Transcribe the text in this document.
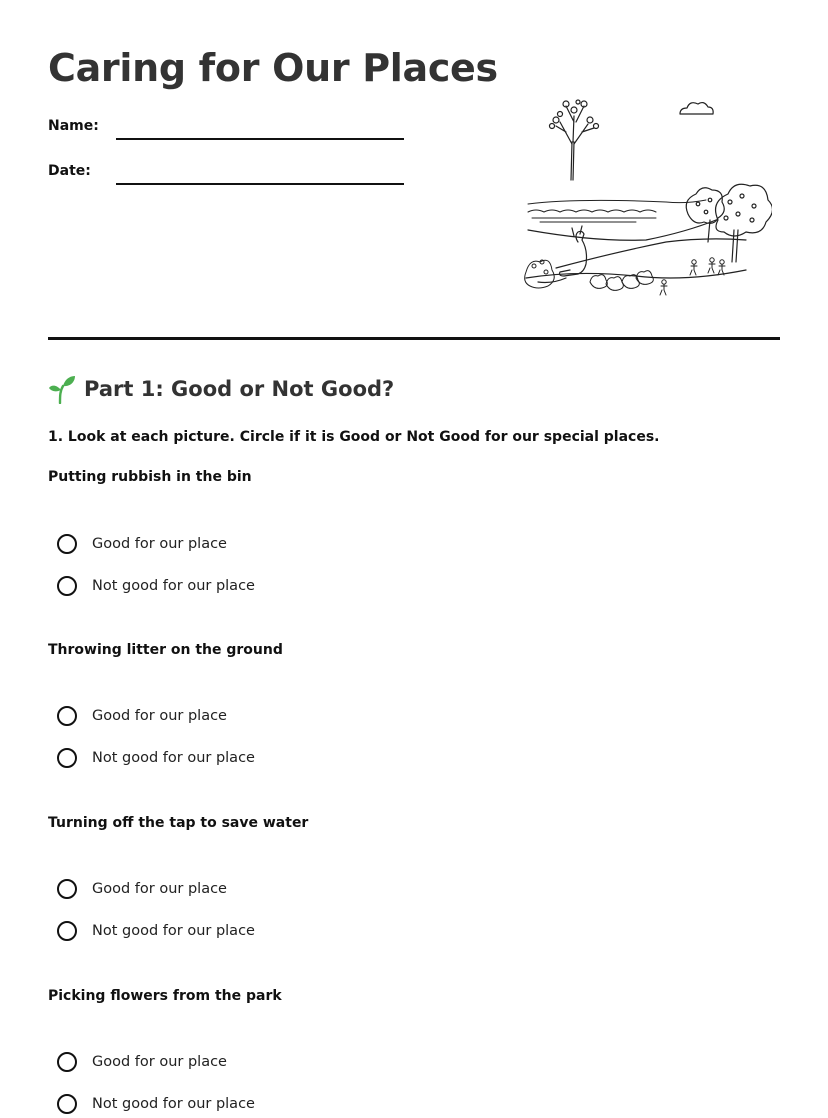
Caring for Our Places
Name:
Date:
Part 1: Good or Not Good?
1. Look at each picture. Circle if it is Good or Not Good for our special places.
Putting rubbish in the bin
Good for our place
Not good for our place
Throwing litter on the ground
Good for our place
Not good for our place
Turning off the tap to save water
Good for our place
Not good for our place
Picking flowers from the park
Good for our place
Not good for our place
